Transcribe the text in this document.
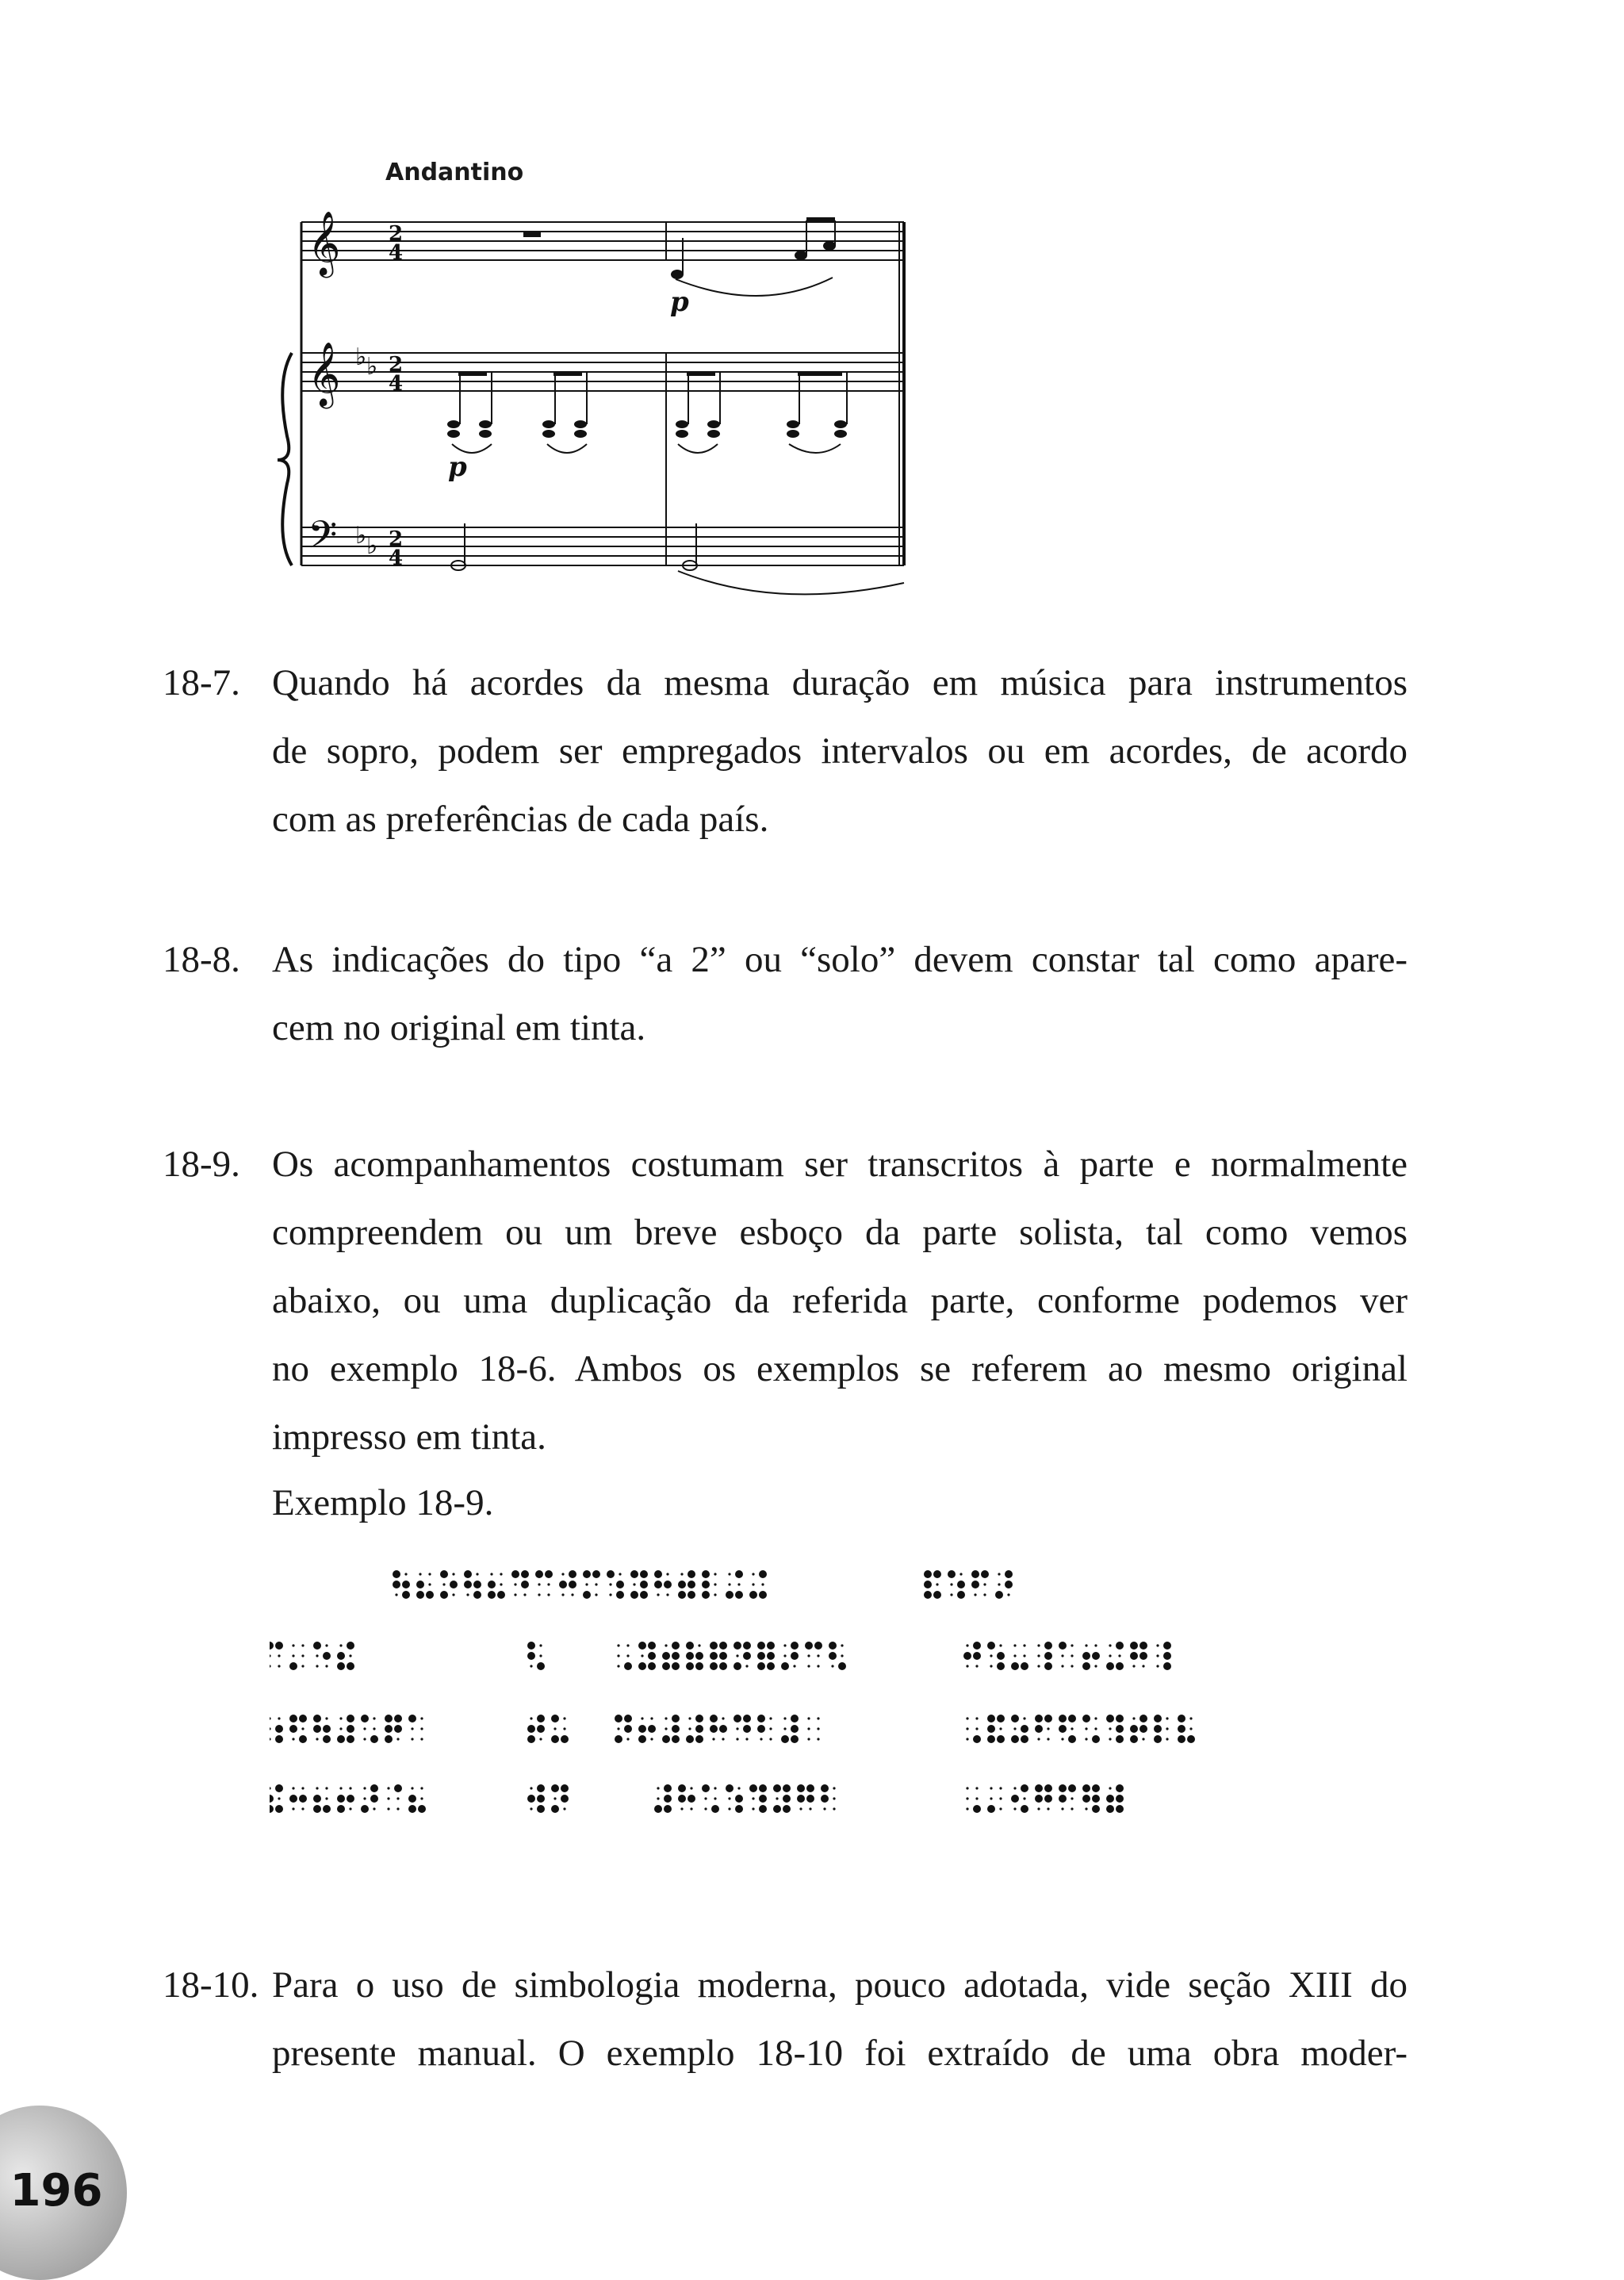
Andantino
𝄞
𝄞
𝄢
♭ ♭
♭ ♭
2
4
2
4
2
4
p
p
18-7. Quando há acordes da mesma duração em música para instrumentos
de sopro, podem ser empregados intervalos ou em acordes, de acordo
com as preferências de cada país.
18-8. As indicações do tipo “a 2” ou “solo” devem constar tal como apare-
cem no original em tinta.
18-9. Os acompanhamentos costumam ser transcritos à parte e normalmente
compreendem ou um breve esboço da parte solista, tal como vemos
abaixo, ou uma duplicação da referida parte, conforme podemos ver
no exemplo 18-6. Ambos os exemplos se referem ao mesmo original
impresso em tinta.
Exemplo 18-9.
18-10. Para o uso de simbologia moderna, pouco adotada, vide seção XIII do
presente manual. O exemplo 18-10 foi extraído de uma obra moder-
196
